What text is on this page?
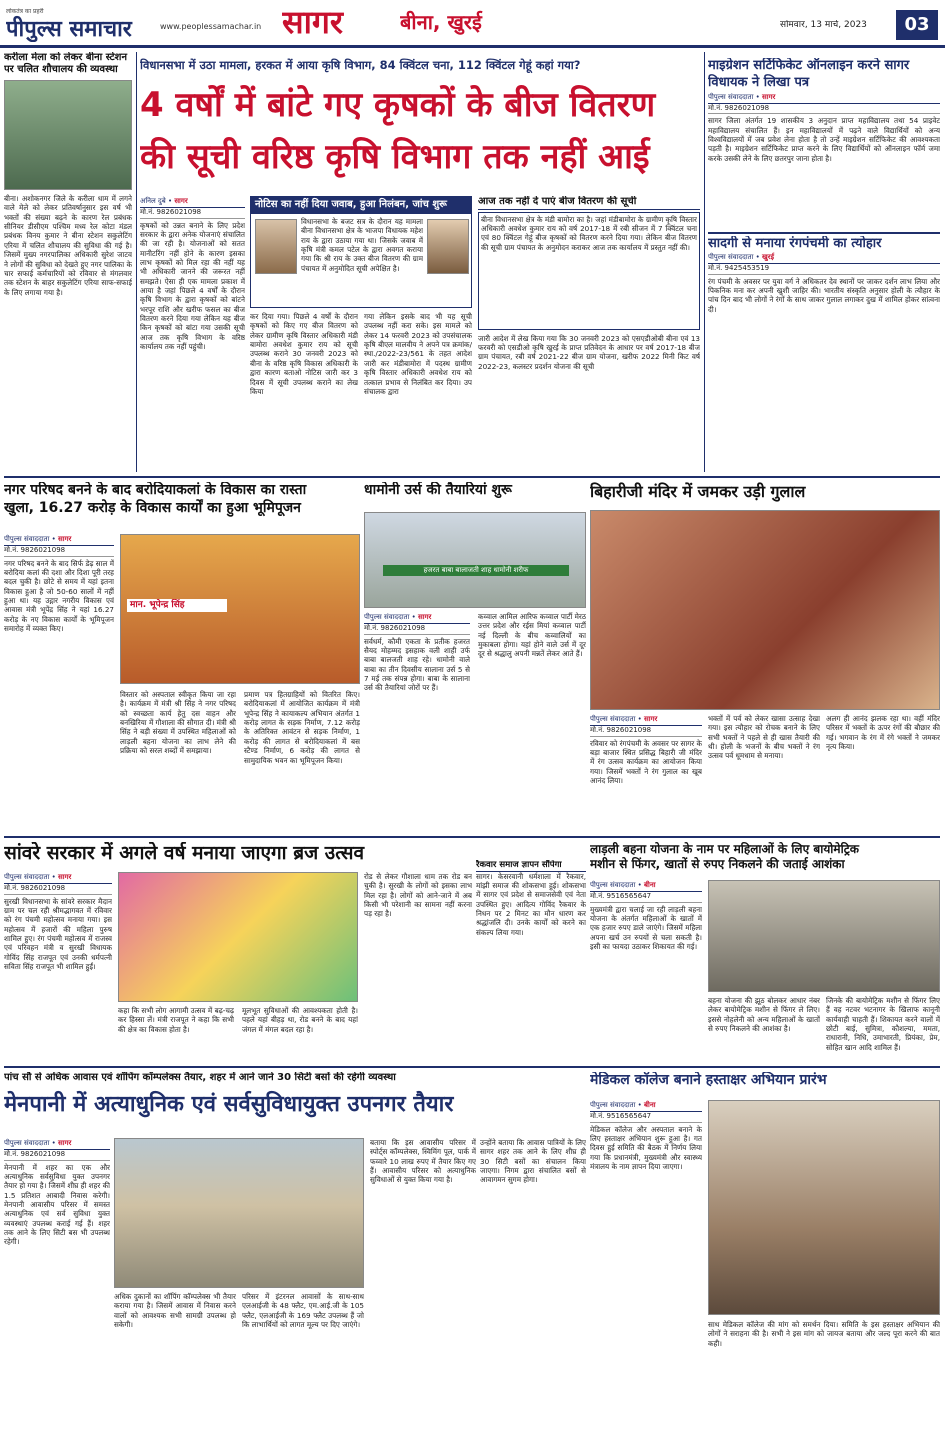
लोकतंत्र का प्रहरी
पीपुल्स समाचार	www.peoplessamachar.in सागर	बीना, खुरई	सोमवार, 13 मार्च, 2023	03
करीला मेला को लेकर बीना स्टेशन पर चलित शौचालय की व्यवस्था
बीना। अशोकनगर जिले के करीला धाम में लगने वाले मेले को लेकर प्रतिवर्षानुसार इस वर्ष भी भक्तों की संख्या बढ़ने के कारण रेल प्रबंधक सीनियर डीसीएम पश्चिम मध्य रेल कोटा मंडल प्रबंधक विनय कुमार ने बीना स्टेशन सकुलेटिंग एरिया में चलित शौचालय की सुविधा की गई है। जिसमें मुख्य नगरपालिका अधिकारी सुरेश जाटव ने लोगों की सुविधा को देखते हुए नगर पालिका के चार सफाई कर्मचारियों को रविवार से मंगलवार तक स्टेशन के बाहर सकुलेटिंग एरिया साफ-सफाई के लिए लगाया गया है।
विधानसभा में उठा मामला, हरकत में आया कृषि विभाग, 84 क्विंटल चना, 112 क्विंटल गेहूं कहां गया?
4 वर्षों में बांटे गए कृषकों के बीज वितरण
की सूची वरिष्ठ कृषि विभाग तक नहीं आई
अनिल दुबे • सागर
मो.नं. 9826021098
कृषकों को उन्नत बनाने के लिए प्रदेश सरकार के द्वारा अनेक योजनाएं संचालित की जा रही है। योजनाओं को सतत मानीटरिंग नहीं होने के कारण इसका लाभ कृषकों को मिल रहा की नहीं यह भी अधिकारी जानने की जरूरत नहीं समझते। ऐसा ही एक मामला प्रकाश में आया है जहां पिछले 4 वर्षों के दौरान कृषि विभाग के द्वारा कृषकों को बांटने भरपूर राशि और खरीफ फसल का बीज वितरण करने दिया गया लेकिन यह बीज किन कृषकों को बांटा गया उसकी सूची आज तक कृषि विभाग के वरिष्ठ कार्यालय तक नहीं पहुंची।
नोटिस का नहीं दिया जवाब, हुआ निलंबन, जांच शुरू
विधानसभा के बजट सत्र के दौरान यह मामला बीना विधानसभा क्षेत्र के भाजपा विधायक महेश राय के द्वारा उठाया गया था। जिसके जवाब में कृषि मंत्री कमल पटेल के द्वारा अवगत कराया गया कि श्री राय के उक्त बीज वितरण की ग्राम पंचायत में अनुमोदित सूची अपेक्षित है।
कर दिया गया। पिछले 4 वर्षों के दौरान कृषकों को किए गए बीज वितरण को लेकर ग्रामीण कृषि विस्तार अधिकारी मंडी बामोरा अवधेश कुमार राय को सूची उपलब्ध कराने 30 जनवरी 2023 को बीना के वरिष्ठ कृषि विकास अधिकारी के द्वारा कारण बताओ नोटिस जारी कर 3 दिवस में सूची उपलब्ध कराने का लेख किया
गया लेकिन इसके बाद भी यह सूची उपलब्ध नहीं करा सके। इस मामले को लेकर 14 फरवरी 2023 को उपसंचालक कृषि बीएल मालवीय ने अपने पत्र क्रमांक/स्था./2022-23/561 के तहत आदेश जारी कर मंडीबामोरा में पदस्थ ग्रामीण कृषि विस्तार अधिकारी अवधेश राय को तत्काल प्रभाव से निलंबित कर दिया। उप संचालक द्वारा
आज तक नहीं दे पाएं बीज वितरण की सूची
बीना विधानसभा क्षेत्र के मंडी बामोरा का है। जहां मंडीबामोरा के ग्रामीण कृषि विस्तार अधिकारी अवधेश कुमार राय को वर्ष 2017-18 में रबी सीजन में 7 क्विंटल चना एवं 80 क्विंटल गेहूं बीज कृषकों को वितरण करने दिया गया। लेकिन बीज वितरण की सूची ग्राम पंचायत के अनुमोदन कराकर आज तक कार्यालय में प्रस्तुत नहीं की।
जारी आदेश में लेख किया गया कि 30 जनवरी 2023 को एसएडीओबी बीना एवं 13 फरवरी को एसडीओ कृषि खुरई के प्राप्त प्रतिवेदन के आधार पर वर्ष 2017-18 बीज ग्राम पंचायत, रबी वर्ष 2021-22 बीज ग्राम योजना, खरीफ 2022 मिनी किट वर्ष 2022-23, कलस्टर प्रदर्शन योजना की सूची
माइग्रेशन सर्टिफिकेट ऑनलाइन करने सागर विधायक ने लिखा पत्र
पीपुल्स संवाददाता • सागर
मो.नं. 9826021098
सागर जिला अंतर्गत 19 शासकीय 3 अनुदान प्राप्त महाविद्यालय तथा 54 प्राइवेट महाविद्यालय संचालित हैं। इन महाविद्यालयों में पढ़ने वाले विद्यार्थियों को अन्य विश्वविद्यालयों में जब प्रवेश लेना होता है तो उन्हें माइग्रेशन सर्टिफिकेट की आवश्यकता पड़ती है। माइग्रेशन सर्टिफिकेट प्राप्त करने के लिए विद्यार्थियों को ऑनलाइन फॉर्म जमा करके उसकी लेने के लिए छतरपुर जाना होता है।
सादगी से मनाया रंगपंचमी का त्योहार
पीपुल्स संवाददाता • खुरई
मो.नं. 9425453519
रंग पंचमी के अवसर पर युवा वर्ग ने अधिकतर देव स्थानों पर जाकर दर्शन लाभ लिया और पिकनिक मना कर अपनी खुशी जाहिर की। भारतीय संस्कृति अनुसार होली के त्यौहार के पांच दिन बाद भी लोगों ने रंगों के साथ जाकर गुलाल लगाकर दुख में शामिल होकर सांत्वना दी।
नगर परिषद बनने के बाद बरोदियाकलां के विकास का रास्ता
खुला, 16.27 करोड़ के विकास कार्यों का हुआ भूमिपूजन
पीपुल्स संवाददाता • सागर
मो.नं. 9826021098
नगर परिषद बनने के बाद सिर्फ डेढ़ साल में बरोदिया कलां की दशा और दिशा पूरी तरह बदल चुकी है। छोटे से समय में यहां इतना विकास हुआ है जो 50-60 सालों में नहीं हुआ था। यह उद्गार नगरीय विकास एवं आवास मंत्री भूपेंद्र सिंह ने यहां 16.27 करोड़ के नए विकास कार्यों के भूमिपूजन समारोह में व्यक्त किए।
मान. भूपेन्द्र सिंह
विस्तार को अस्पताल स्वीकृत किया जा रहा है। कार्यक्रम में मंत्री श्री सिंह ने नगर परिषद को स्वच्छता कार्य हेतु दस वाहन और बनखिरिया में गौशाला की सौगात दी। मंत्री श्री सिंह ने बड़ी संख्या में उपस्थित महिलाओं को लाड़ली बहना योजना का लाभ लेने की प्रक्रिया को सरल शब्दों में समझाया।
प्रमाण पत्र हितग्राहियों को वितरित किए। बरोदियाकलां में आयोजित कार्यक्रम में मंत्री भूपेन्द्र सिंह ने कायाकल्प अभियान अंतर्गत 1 करोड़ लागत के सड़क निर्माण, 7.12 करोड़ के अतिरिक्त आवंटन से सड़क निर्माण, 1 करोड़ की लागत से बरोदियाकलां में बस स्टैण्ड निर्माण, 6 करोड़ की लागत से सामुदायिक भवन का भूमिपूजन किया।
धामोनी उर्स की तैयारियां शुरू
हजरत बाबा बालाजती शाह धामोनी शरीफ
पीपुल्स संवाददाता • सागर
मो.नं. 9826021098
सर्वधर्म, कौमी एकता के प्रतीक हजरत सैयद मोहम्मद इसहाक वली शाही उर्फ बाबा बालजती शाह रहे। धामोनी वाले बाबा का तीन दिवसीय सालाना उर्स 5 से 7 मई तक संपन्न होगा। बाबा के सालाना उर्स की तैयारियां जोरों पर हैं।
कव्वाल आमिल आरिफ कव्वाल पार्टी मेरठ उत्तर प्रदेश और रईस मियां कव्वाल पार्टी नई दिल्ली के बीच कव्वालियों का मुकाबला होगा। यहां होने वाले उर्स में दूर दूर से श्रद्धालु अपनी मन्नतें लेकर आते हैं।
बिहारीजी मंदिर में जमकर उड़ी गुलाल
पीपुल्स संवाददाता • सागर
मो.नं. 9826021098
रविवार को रंगपंचमी के अवसर पर सागर के बड़ा बाजार स्थित प्रसिद्ध बिहारी जी मंदिर में रंग उत्सव कार्यक्रम का आयोजन किया गया। जिसमें भक्तों ने रंग गुलाल का खूब आनंद लिया।
भक्तों में पर्व को लेकर खासा उत्साह देखा गया। इस त्यौहार को रोचक बनाने के लिए सभी भक्तों ने पहले से ही खास तैयारी की थी। होली के भजनों के बीच भक्तों ने रंग उत्सव पर्व धूमधाम से मनाया।
अलग ही आनंद झलक रहा था। वहीं मंदिर परिसर में भक्तों के ऊपर रंगों की बौछार की गई। भगवान के रंग में रंगे भक्तों ने जमकर नृत्य किया।
सांवरे सरकार में अगले वर्ष मनाया जाएगा ब्रज उत्सव
पीपुल्स संवाददाता • सागर
मो.नं. 9826021098
सुरखी विधानसभा के सांवरे सरकार मैदान ग्राम पर चल रही श्रीमद्भागवत में रविवार को रंग पंचमी महोत्सव मनाया गया। इस महोत्सव में हजारों की महिला पुरुष शामिल हुए। रंग पंचमी महोत्सव में राजस्व एवं परिवहन मंत्री व सुरखी विधायक गोविंद सिंह राजपूत एवं उनकी धर्मपत्नी सविता सिंह राजपूत भी शामिल हुईं।
कहा कि सभी लोग आगामी उत्सव में बढ़-चढ़ कर हिस्सा लें। मंत्री राजपूत ने कहा कि सभी की क्षेत्र का विकास होता है।
मूलभूत सुविधाओं की आवश्यकता होती है। पहले यहां बीहड़ था, रोड बनने के बाद यहां जंगल में मंगल बदल रहा है।
रोड से लेकर गौशाला धाम तक रोड बन चुकी है। सुरखी के लोगों को इसका लाभ मिल रहा है। लोगों को आने-जाने में अब किसी भी परेशानी का सामना नहीं करना पड़ रहा है।
रैकवार समाज ज्ञापन सौंपेगा
सागर। केसरवानी धर्मशाला में रैकवार, मांझी समाज की शोकसभा हुई। शोकसभा में सागर एवं प्रदेश से समाजसेवी एवं नेता उपस्थित हुए। आदित्य गोविंद रैकवार के निधन पर 2 मिनट का मौन धारण कर श्रद्धांजलि दी। उनके कार्यों को करने का संकल्प लिया गया।
लाड़ली बहना योजना के नाम पर महिलाओं के लिए बायोमेट्रिक
मशीन से फिंगर, खातों से रुपए निकलने की जताई आशंका
पीपुल्स संवाददाता • बीना
मो.नं. 9516565647
मुख्यमंत्री द्वारा चलाई जा रही लाड़ली बहना योजना के अंतर्गत महिलाओं के खातों में एक हजार रुपए डाले जाएंगे। जिसमें महिला अपना खर्च उन रुपयों से चला सकती है। इसी का फायदा उठाकर शिकायत की गई।
बहना योजना की झूठ बोलकर आधार नंबर लेकर बायोमेट्रिक मशीन से फिंगर ले लिए। इससे नोहलेनी को अन्य महिलाओं के खातों से रुपए निकलने की आशंका है।
जिनके की बायोमेट्रिक मशीन से फिंगर लिए हैं वह नटवर भटनागर के खिलाफ कानूनी कार्यवाही चाहती हैं। शिकायत करने वालों में छोटी बाई, सुमित्रा, कौशल्या, ममता, राधारानी, निधि, उमाभारती, प्रियंका, प्रेम, सोहित खान आदि शामिल हैं।
पांच सौ से अधिक आवास एवं शॉपिंग कॉम्पलेक्स तैयार, शहर में आने जाने 30 सिटी बसों की रहेगी व्यवस्था
मेनपानी में अत्याधुनिक एवं सर्वसुविधायुक्त उपनगर तैयार
पीपुल्स संवाददाता • सागर
मो.नं. 9826021098
मेनपानी में शहर का एक और अत्याधुनिक सर्वसुविधा युक्त उपनगर तैयार हो गया है। जिसमें शीघ्र ही शहर की 1.5 प्रतिशत आबादी निवास करेगी। मेनपानी आवासीय परिसर में समस्त अत्याधुनिक एवं सर्व सुविधा युक्त व्यवस्थाएं उपलब्ध कराई गई हैं। शहर तक आने के लिए सिटी बस भी उपलब्ध रहेगी।
अधिक दुकानों का शॉपिंग कॉम्पलेक्स भी तैयार कराया गया है। जिसमें आवास में निवास करने वालों को आवश्यक सभी सामग्री उपलब्ध हो सकेगी।
परिसर में इंटरनल आवासों के साथ-साथ एलआईजी के 48 फ्लैट, एम.आई.जी के 105 फ्लैट, एलआईजी के 169 फ्लैट उपलब्ध हैं जो कि लाभार्थियों को लागत मूल्य पर दिए जाएंगे।
बताया कि इस आवासीय परिसर में स्पोर्ट्स कॉम्पलेक्स, स्विमिंग पूल, पार्क में फव्वारे 10 लाख रुपए में तैयार किए गए हैं। आवासीय परिसर को अत्याधुनिक सुविधाओं से युक्त किया गया है।
उन्होंने बताया कि आवास पात्रियों के लिए सागर शहर तक आने के लिए शीघ्र ही 30 सिटी बसों का संचालन किया जाएगा। निगम द्वारा संचालित बसों से आवागमन सुगम होगा।
मेडिकल कॉलेज बनाने हस्ताक्षर अभियान प्रारंभ
पीपुल्स संवाददाता • बीना
मो.नं. 9516565647
मेडिकल कॉलेज और अस्पताल बनाने के लिए हस्ताक्षर अभियान शुरू हुआ है। गत दिवस हुई समिति की बैठक में निर्णय लिया गया कि प्रधानमंत्री, मुख्यमंत्री और स्वास्थ्य मंत्रालय के नाम ज्ञापन दिया जाएगा।
साथ मेडिकल कॉलेज की मांग को समर्थन दिया। समिति के इस हस्ताक्षर अभियान की लोगों ने सराहना की है। सभी ने इस मांग को जायज बताया और जल्द पूरा करने की बात कही।
